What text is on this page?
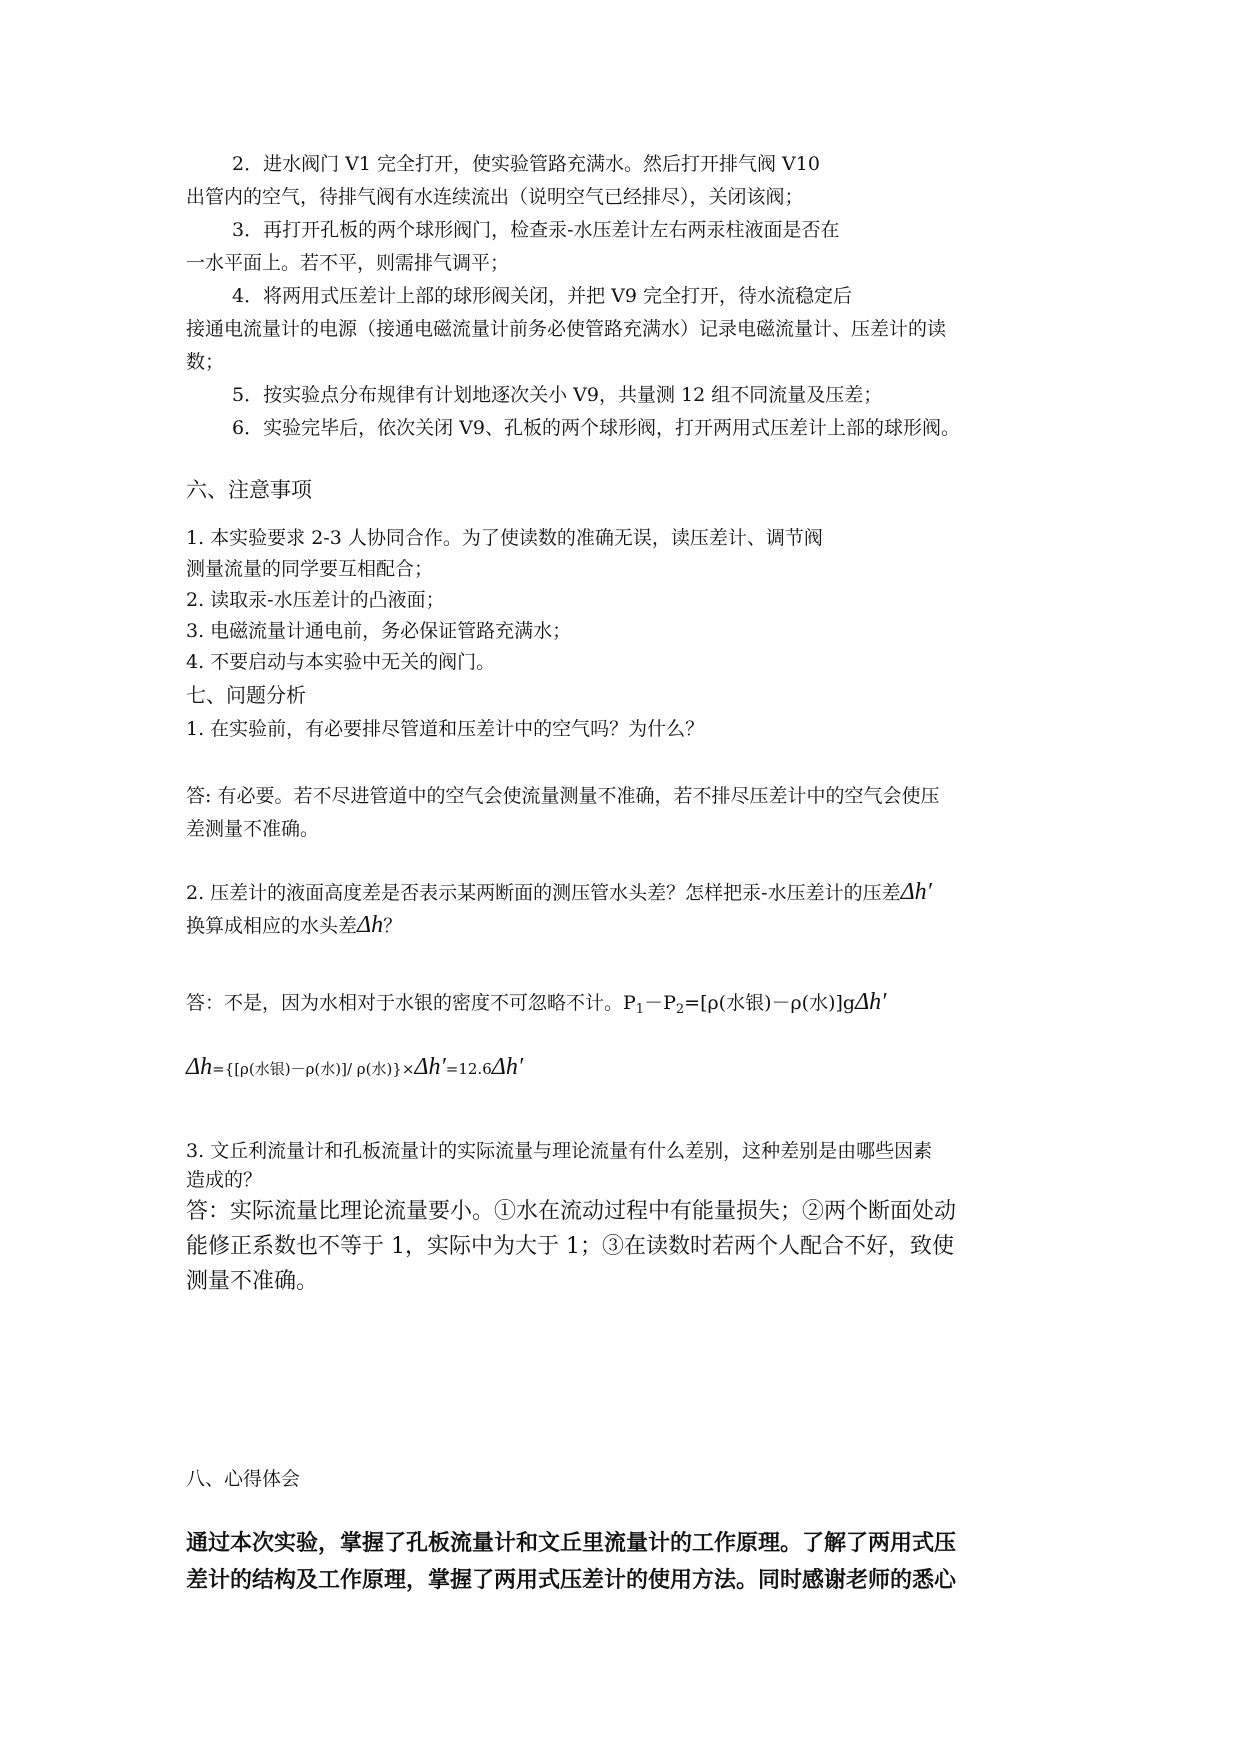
2．进水阀门 V1 完全打开，使实验管路充满水。然后打开排气阀 V10
出管内的空气，待排气阀有水连续流出（说明空气已经排尽），关闭该阀；
3．再打开孔板的两个球形阀门，检查汞-水压差计左右两汞柱液面是否在
一水平面上。若不平，则需排气调平；
4．将两用式压差计上部的球形阀关闭，并把 V9 完全打开，待水流稳定后
接通电流量计的电源（接通电磁流量计前务必使管路充满水）记录电磁流量计、压差计的读
数；
5．按实验点分布规律有计划地逐次关小 V9，共量测 12 组不同流量及压差；
6．实验完毕后，依次关闭 V9、孔板的两个球形阀，打开两用式压差计上部的球形阀。
六、注意事项
1. 本实验要求 2-3 人协同合作。为了使读数的准确无误，读压差计、调节阀
测量流量的同学要互相配合；
2. 读取汞-水压差计的凸液面；
3. 电磁流量计通电前，务必保证管路充满水；
4. 不要启动与本实验中无关的阀门。
七、问题分析
1. 在实验前，有必要排尽管道和压差计中的空气吗？为什么？
答: 有必要。若不尽进管道中的空气会使流量测量不准确，若不排尽压差计中的空气会使压
差测量不准确。
2. 压差计的液面高度差是否表示某两断面的测压管水头差？怎样把汞-水压差计的压差Δh′
换算成相应的水头差Δh？
答：不是，因为水相对于水银的密度不可忽略不计。$P_1-P_2=[\rho$(水银)－ρ(水)]gΔh′
Δh={[ρ(水银)－ρ(水)]/ ρ(水)}×Δh′=12.6Δh′
3. 文丘利流量计和孔板流量计的实际流量与理论流量有什么差别，这种差别是由哪些因素
造成的？
答：实际流量比理论流量要小。①水在流动过程中有能量损失；②两个断面处动
能修正系数也不等于 1，实际中为大于 1；③在读数时若两个人配合不好，致使
测量不准确。
八、心得体会
通过本次实验，掌握了孔板流量计和文丘里流量计的工作原理。了解了两用式压
差计的结构及工作原理，掌握了两用式压差计的使用方法。同时感谢老师的悉心
